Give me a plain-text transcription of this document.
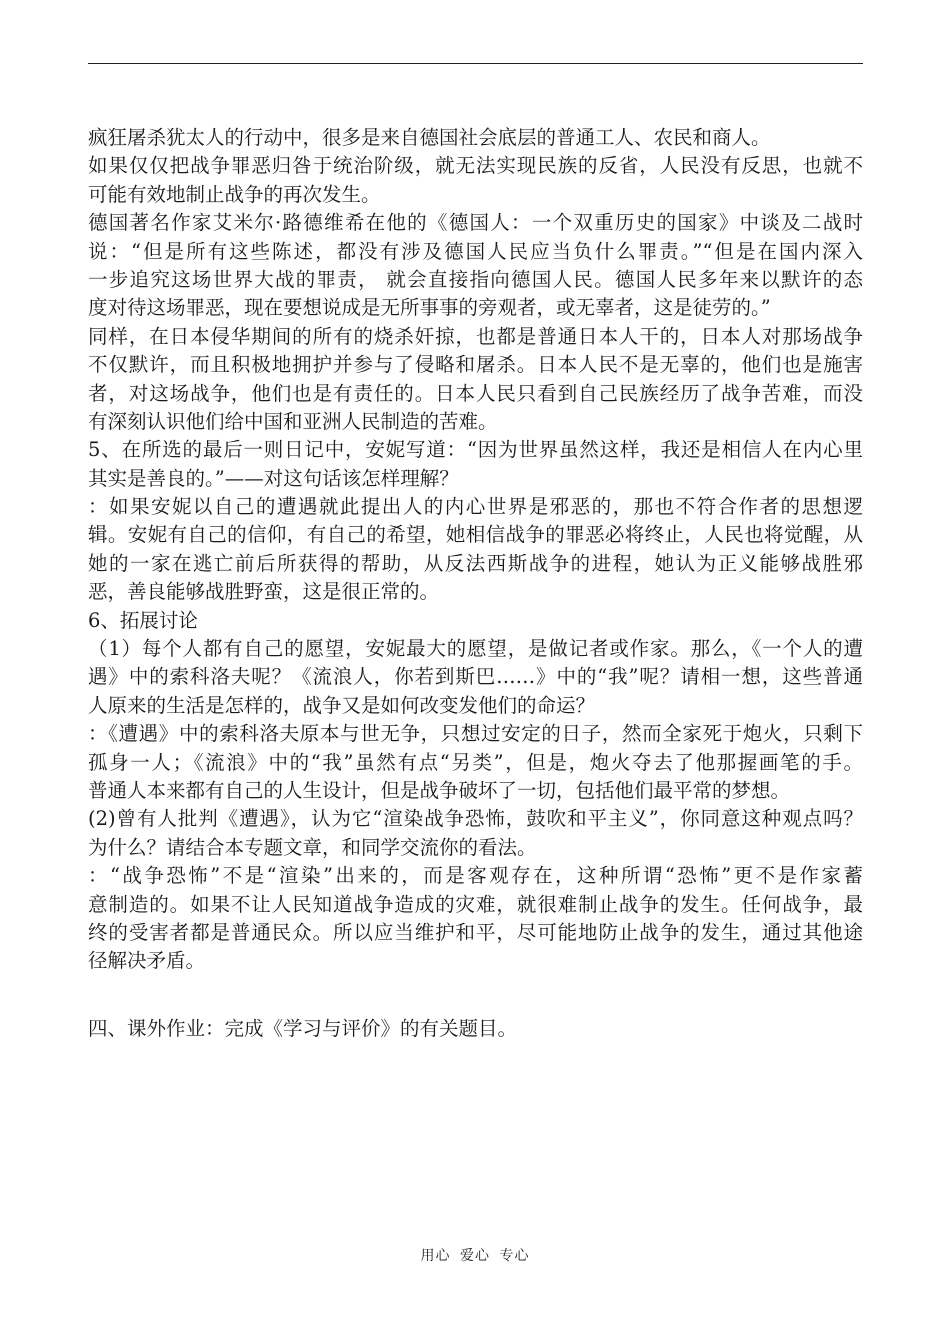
疯狂屠杀犹太人的行动中，很多是来自德国社会底层的普通工人、农民和商人。
如果仅仅把战争罪恶归咎于统治阶级，就无法实现民族的反省，人民没有反思，也就不
可能有效地制止战争的再次发生。
德国著名作家艾米尔·路德维希在他的《德国人：一个双重历史的国家》中谈及二战时
说：“但是所有这些陈述，都没有涉及德国人民应当负什么罪责。”“但是在国内深入
一步追究这场世界大战的罪责， 就会直接指向德国人民。德国人民多年来以默许的态
度对待这场罪恶，现在要想说成是无所事事的旁观者，或无辜者，这是徒劳的。”
同样，在日本侵华期间的所有的烧杀奸掠，也都是普通日本人干的，日本人对那场战争
不仅默许，而且积极地拥护并参与了侵略和屠杀。日本人民不是无辜的，他们也是施害
者，对这场战争，他们也是有责任的。日本人民只看到自己民族经历了战争苦难，而没
有深刻认识他们给中国和亚洲人民制造的苦难。
5、在所选的最后一则日记中，安妮写道：“因为世界虽然这样，我还是相信人在内心里
其实是善良的。”——对这句话该怎样理解？
：如果安妮以自己的遭遇就此提出人的内心世界是邪恶的，那也不符合作者的思想逻
辑。安妮有自己的信仰，有自己的希望，她相信战争的罪恶必将终止，人民也将觉醒，从
她的一家在逃亡前后所获得的帮助，从反法西斯战争的进程，她认为正义能够战胜邪
恶，善良能够战胜野蛮，这是很正常的。
6、拓展讨论
（1）每个人都有自己的愿望，安妮最大的愿望，是做记者或作家。那么，《一个人的遭
遇》中的索科洛夫呢？《流浪人，你若到斯巴……》中的“我”呢？请相一想，这些普通
人原来的生活是怎样的，战争又是如何改变发他们的命运？
：《遭遇》中的索科洛夫原本与世无争，只想过安定的日子，然而全家死于炮火，只剩下
孤身一人；《流浪》中的“我”虽然有点“另类”，但是，炮火夺去了他那握画笔的手。
普通人本来都有自己的人生设计，但是战争破坏了一切，包括他们最平常的梦想。
(2)曾有人批判《遭遇》，认为它“渲染战争恐怖，鼓吹和平主义”，你同意这种观点吗？
为什么？请结合本专题文章，和同学交流你的看法。
：“战争恐怖”不是“渲染”出来的，而是客观存在，这种所谓“恐怖”更不是作家蓄
意制造的。如果不让人民知道战争造成的灾难，就很难制止战争的发生。任何战争，最
终的受害者都是普通民众。所以应当维护和平，尽可能地防止战争的发生，通过其他途
径解决矛盾。
四、课外作业：完成《学习与评价》的有关题目。
用心 爱心 专心
